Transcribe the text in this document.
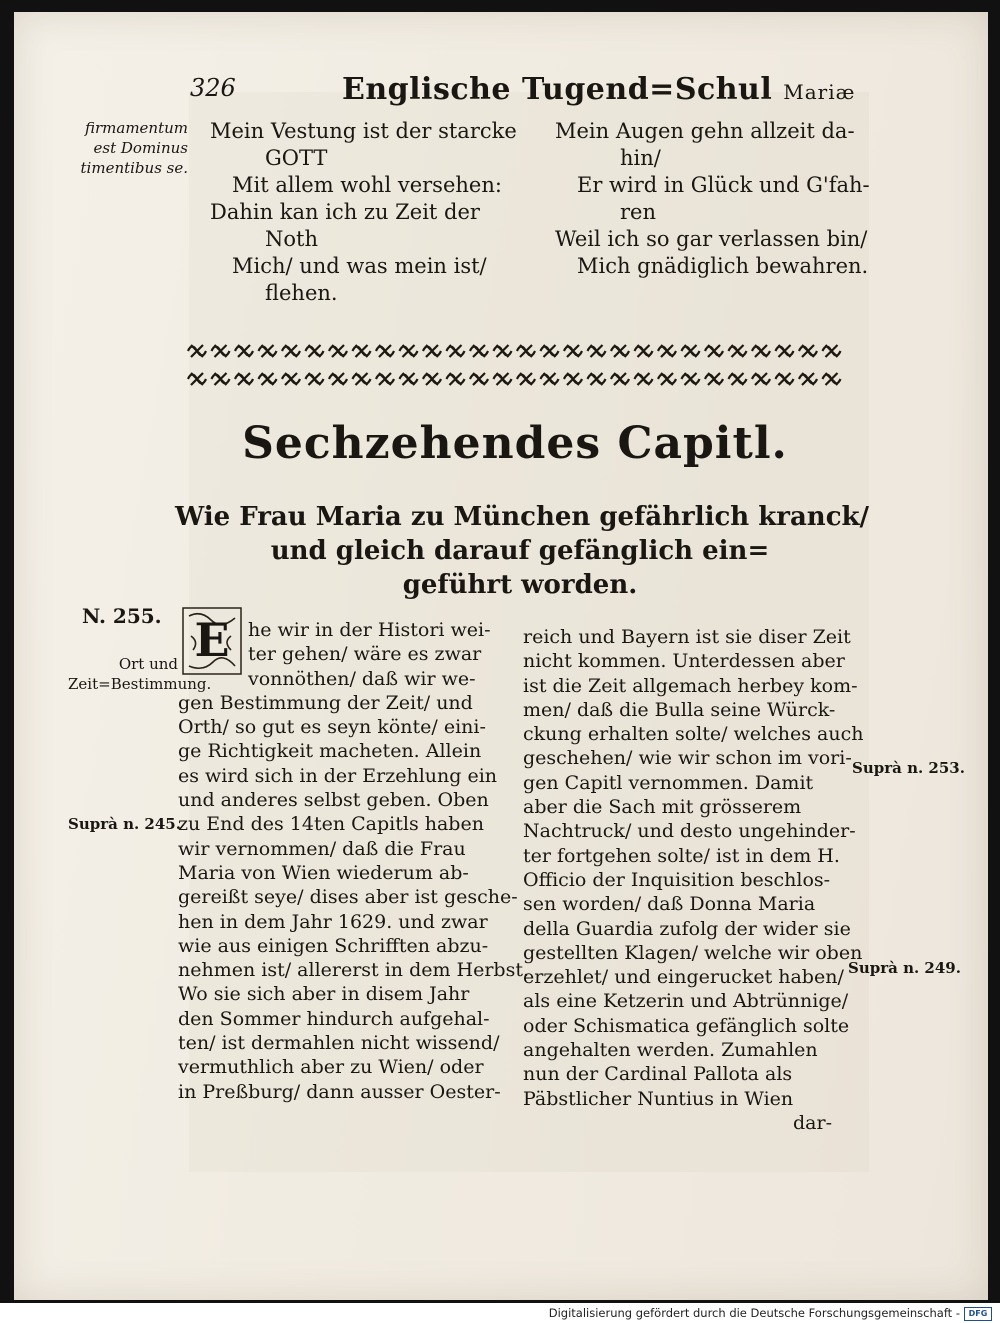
326	Englische Tugend=Schul Mariæ
firmamentum
est Dominus
timentibus se.
Mein Vestung ist der starcke
GOTT
Mit allem wohl versehen:
Dahin kan ich zu Zeit der
Noth
Mich/ und was mein ist/
flehen.
Mein Augen gehn allzeit da-
hin/
Er wird in Glück und G'fah-
ren
Weil ich so gar verlassen bin/
Mich gnädiglich bewahren.
Sechzehendes Capitl.
Wie Frau Maria zu München gefährlich kranck/
und gleich darauf gefänglich ein=
geführt worden.
N. 255.
Ort und Zeit=Bestimmung.
Suprà n. 245.
Suprà n. 253.
Suprà n. 249.
E he wir in der Histori wei-
ter gehen/ wäre es zwar
vonnöthen/ daß wir we-
gen Bestimmung der Zeit/ und
Orth/ so gut es seyn könte/ eini-
ge Richtigkeit macheten. Allein
es wird sich in der Erzehlung ein
und anderes selbst geben. Oben
zu End des 14ten Capitls haben
wir vernommen/ daß die Frau
Maria von Wien wiederum ab-
gereißt seye/ dises aber ist gesche-
hen in dem Jahr 1629. und zwar
wie aus einigen Schrifften abzu-
nehmen ist/ allererst in dem Herbst.
Wo sie sich aber in disem Jahr
den Sommer hindurch aufgehal-
ten/ ist dermahlen nicht wissend/
vermuthlich aber zu Wien/ oder
in Preßburg/ dann ausser Oester-
reich und Bayern ist sie diser Zeit
nicht kommen. Unterdessen aber
ist die Zeit allgemach herbey kom-
men/ daß die Bulla seine Würck-
ckung erhalten solte/ welches auch
geschehen/ wie wir schon im vori-
gen Capitl vernommen. Damit
aber die Sach mit grösserem
Nachtruck/ und desto ungehinder-
ter fortgehen solte/ ist in dem H.
Officio der Inquisition beschlos-
sen worden/ daß Donna Maria
della Guardia zufolg der wider sie
gestellten Klagen/ welche wir oben
erzehlet/ und eingerucket haben/
als eine Ketzerin und Abtrünnige/
oder Schismatica gefänglich solte
angehalten werden. Zumahlen
nun der Cardinal Pallota als
Päbstlicher Nuntius in Wien
dar-
Digitalisierung gefördert durch die Deutsche Forschungsgemeinschaft -	DFG
